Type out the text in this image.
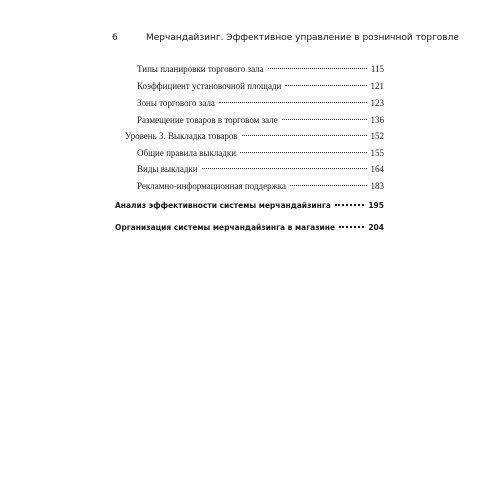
6	Мерчандайзинг. Эффективное управление в розничной торговле
Типы планировки торгового зала	115
Коэффициент установочной площади	121
Зоны торгового зала	123
Размещение товаров в торговом зале	136
Уровень 3. Выкладка товаров	152
Общие правила выкладки	155
Виды выкладки	164
Рекламно-информационная поддержка	183
Анализ эффективности системы мерчандайзинга	195
Организация системы мерчандайзинга в магазине	204
